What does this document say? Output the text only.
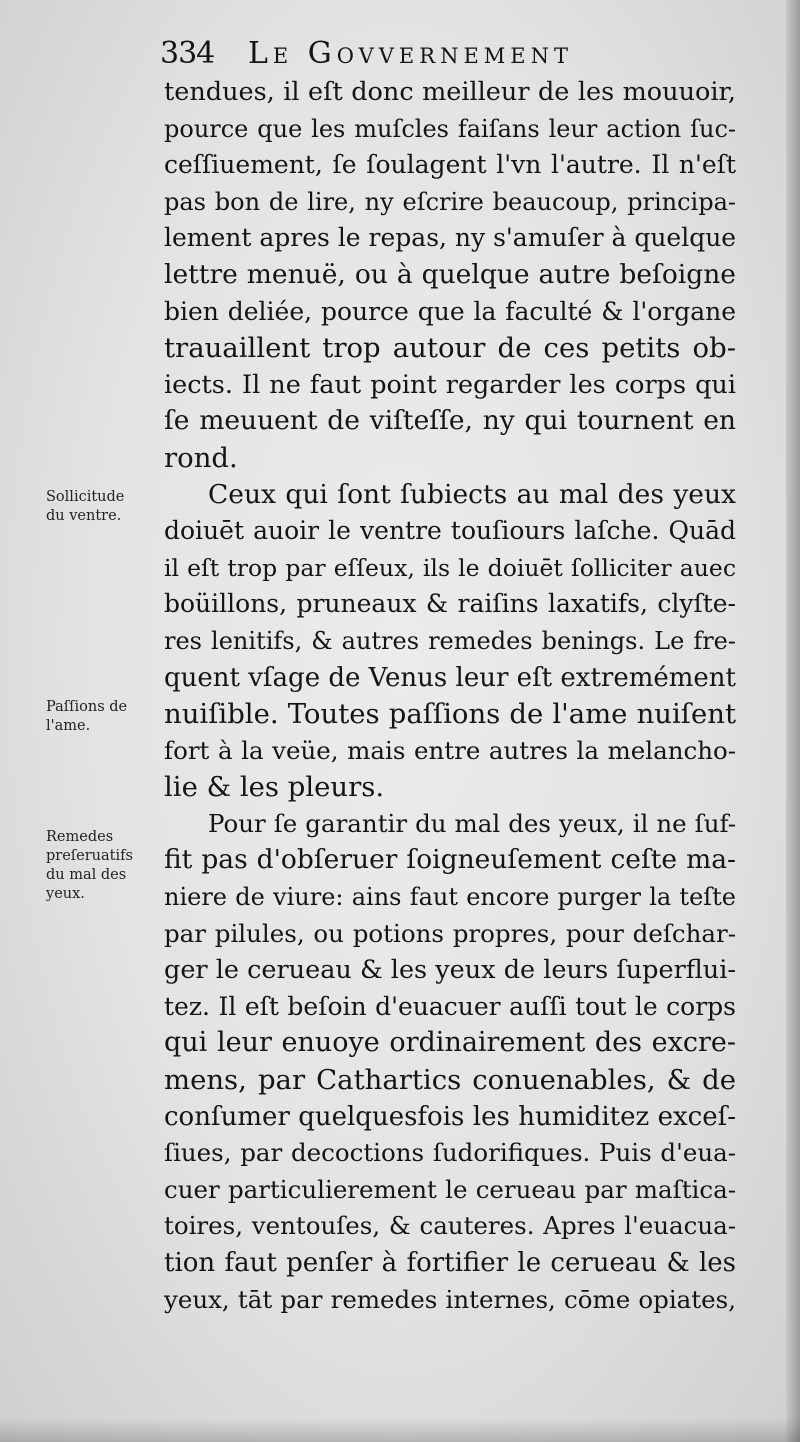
334 Le Govvernement
tendues, il eſt donc meilleur de les mouuoir,
pource que les muſcles faiſans leur action ſuc-
ceſſiuement, ſe ſoulagent l'vn l'autre. Il n'eſt
pas bon de lire, ny eſcrire beaucoup, principa-
lement apres le repas, ny s'amuſer à quelque
lettre menuë, ou à quelque autre beſoigne
bien deliée, pource que la faculté & l'organe
trauaillent trop autour de ces petits ob-
iects. Il ne faut point regarder les corps qui
ſe meuuent de viſteſſe, ny qui tournent en
rond.
Ceux qui ſont ſubiects au mal des yeux
doiuēt auoir le ventre touſiours laſche. Quād
il eſt trop par eſſeux, ils le doiuēt ſolliciter auec
boüillons, pruneaux & raiſins laxatifs, clyſte-
res lenitifs, & autres remedes benings. Le fre-
quent vſage de Venus leur eſt extremément
nuiſible. Toutes paſſions de l'ame nuiſent
fort à la veüe, mais entre autres la melancho-
lie & les pleurs.
Pour ſe garantir du mal des yeux, il ne ſuf-
fit pas d'obſeruer ſoigneuſement ceſte ma-
niere de viure: ains faut encore purger la teſte
par pilules, ou potions propres, pour deſchar-
ger le cerueau & les yeux de leurs ſuperflui-
tez. Il eſt beſoin d'euacuer auſſi tout le corps
qui leur enuoye ordinairement des excre-
mens, par Cathartics conuenables, & de
conſumer quelquesfois les humiditez exceſ-
ſiues, par decoctions ſudorifiques. Puis d'eua-
cuer particulierement le cerueau par maſtica-
toires, ventouſes, & cauteres. Apres l'euacua-
tion faut penſer à fortifier le cerueau & les
yeux, tāt par remedes internes, cōme opiates,
Sollicitude
du ventre.
Paſſions de
l'ame.
Remedes
preſeruatifs
du mal des
yeux.
